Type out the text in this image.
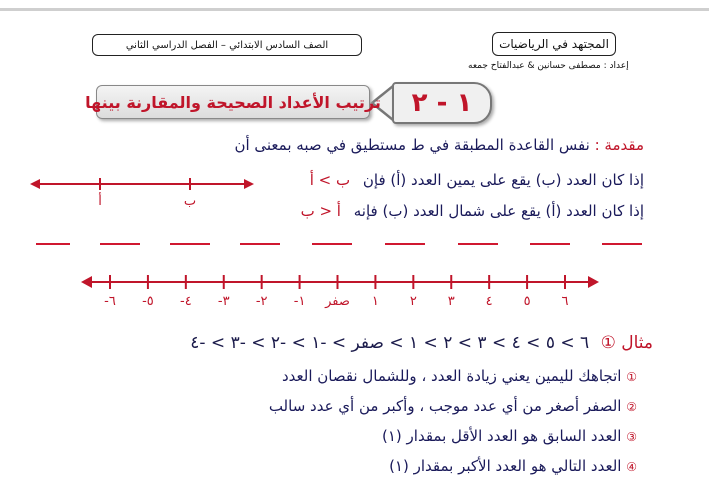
الصف السادس الابتدائي – الفصل الدراسي الثاني	المجتهد في الرياضيات
إعداد : مصطفى حسانين & عبدالفتاح جمعه
١ - ٢
ترتيب الأعداد الصحيحة والمقارنة بينها
مقدمة : نفس القاعدة المطبقة في ط مستطيق في صبه بمعنى أن
إذا كان العدد (ب) يقع على يمين العدد (أ) فإن ب > أ
إذا كان العدد (أ) يقع على شمال العدد (ب) فإنه أ < ب
أ	ب
-٦	-٥	-٤	-٣	-٢	-١	صفر	١	٢	٣	٤	٥	٦
مثال ① ٦ > ٥ > ٤ > ٣ > ٢ > ١ > صفر > -١ > -٢ > -٣ > -٤
① اتجاهك لليمين يعني زيادة العدد ، وللشمال نقصان العدد
② الصفر أصغر من أي عدد موجب ، وأكبر من أي عدد سالب
③ العدد السابق هو العدد الأقل بمقدار (١)
④ العدد التالي هو العدد الأكبر بمقدار (١)
